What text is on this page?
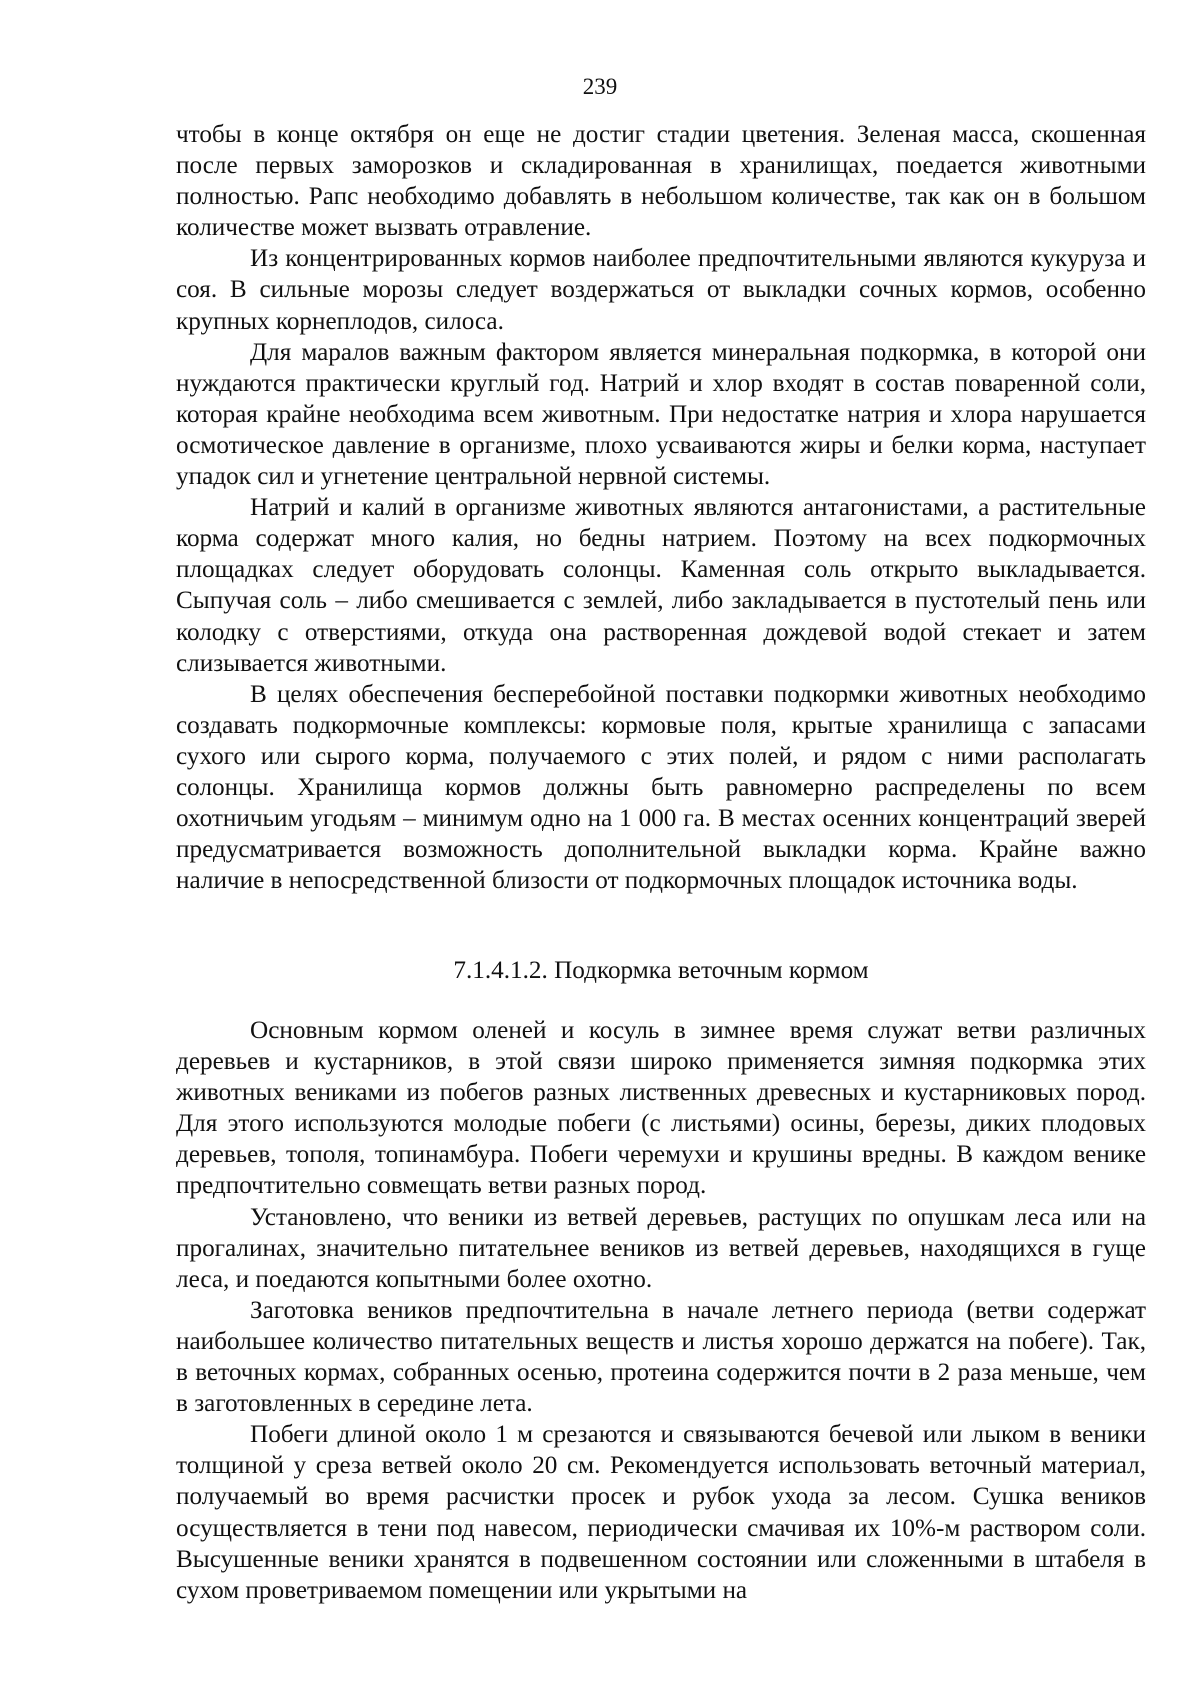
239

чтобы в конце октября он еще не достиг стадии цветения. Зеленая масса, скошенная после первых заморозков и складированная в хранилищах, поедается животными полностью. Рапс необходимо добавлять в небольшом количестве, так как он в большом количестве может вызвать отравление.

Из концентрированных кормов наиболее предпочтительными являются кукуруза и соя. В сильные морозы следует воздержаться от выкладки сочных кормов, особенно крупных корнеплодов, силоса.

Для маралов важным фактором является минеральная подкормка, в которой они нуждаются практически круглый год. Натрий и хлор входят в состав поваренной соли, которая крайне необходима всем животным. При недостатке натрия и хлора нарушается осмотическое давление в организме, плохо усваиваются жиры и белки корма, наступает упадок сил и угнетение центральной нервной системы.

Натрий и калий в организме животных являются антагонистами, а растительные корма содержат много калия, но бедны натрием. Поэтому на всех подкормочных площадках следует оборудовать солонцы. Каменная соль открыто выкладывается. Сыпучая соль – либо смешивается с землей, либо закладывается в пустотелый пень или колодку с отверстиями, откуда она растворенная дождевой водой стекает и затем слизывается животными.

В целях обеспечения бесперебойной поставки подкормки животных необходимо создавать подкормочные комплексы: кормовые поля, крытые хранилища с запасами сухого или сырого корма, получаемого с этих полей, и рядом с ними располагать солонцы. Хранилища кормов должны быть равномерно распределены по всем охотничьим угодьям – минимум одно на 1 000 га. В местах осенних концентраций зверей предусматривается возможность дополнительной выкладки корма. Крайне важно наличие в непосредственной близости от подкормочных площадок источника воды.

7.1.4.1.2. Подкормка веточным кормом

Основным кормом оленей и косуль в зимнее время служат ветви различных деревьев и кустарников, в этой связи широко применяется зимняя подкормка этих животных вениками из побегов разных лиственных древесных и кустарниковых пород. Для этого используются молодые побеги (с листьями) осины, березы, диких плодовых деревьев, тополя, топинамбура. Побеги черемухи и крушины вредны. В каждом венике предпочтительно совмещать ветви разных пород.

Установлено, что веники из ветвей деревьев, растущих по опушкам леса или на прогалинах, значительно питательнее веников из ветвей деревьев, находящихся в гуще леса, и поедаются копытными более охотно.

Заготовка веников предпочтительна в начале летнего периода (ветви содержат наибольшее количество питательных веществ и листья хорошо держатся на побеге). Так, в веточных кормах, собранных осенью, протеина содержится почти в 2 раза меньше, чем в заготовленных в середине лета.

Побеги длиной около 1 м срезаются и связываются бечевой или лыком в веники толщиной у среза ветвей около 20 см. Рекомендуется использовать веточный материал, получаемый во время расчистки просек и рубок ухода за лесом. Сушка веников осуществляется в тени под навесом, периодически смачивая их 10%-м раствором соли. Высушенные веники хранятся в подвешенном состоянии или сложенными в штабеля в сухом проветриваемом помещении или укрытыми на
